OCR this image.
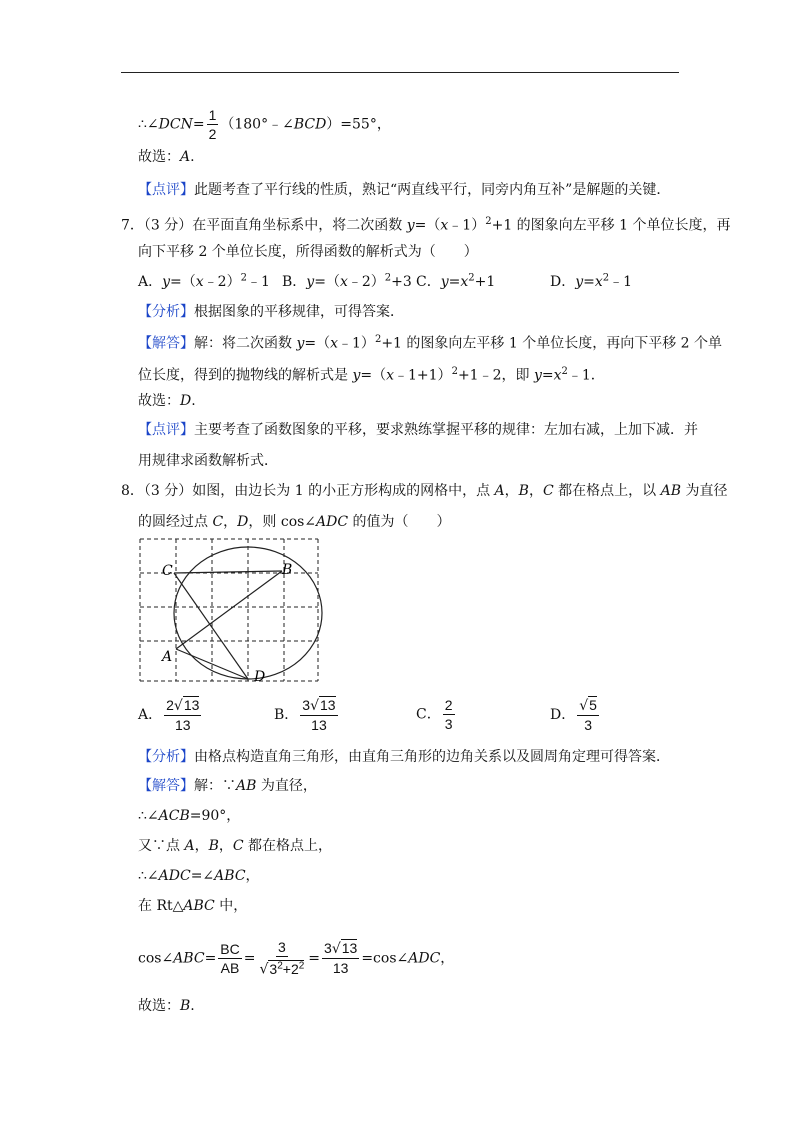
∴∠DCN= $\frac{1}{2}$ （180°﹣∠BCD）=55°，
故选：A.
【点评】此题考查了平行线的性质，熟记“两直线平行，同旁内角互补”是解题的关键．
7．（3 分）在平面直角坐标系中，将二次函数 y=（x﹣1）$^2$+1 的图象向左平移 1 个单位长度，再
向下平移 2 个单位长度，所得函数的解析式为（　　）
A．y=（x﹣2）$^2$﹣1 B．y=（x﹣2）$^2$+3 C．$y=x^2+1$	D．$y=x^2﹣1$
【分析】根据图象的平移规律，可得答案．
【解答】解：将二次函数 y=（x﹣1）$^2$+1 的图象向左平移 1 个单位长度，再向下平移 2 个单
位长度，得到的抛物线的解析式是 y=（x﹣1+1）$^2$+1﹣2，即 $y=x^2﹣1$．
故选：D.
【点评】主要考查了函数图象的平移，要求熟练掌握平移的规律：左加右减，上加下减．并
用规律求函数解析式．
8．（3 分）如图，由边长为 1 的小正方形构成的网格中，点 A，B，C 都在格点上，以 AB 为直径
的圆经过点 C，D，则 cos∠ADC 的值为（　　）
C	B
A
D
A． $\frac{2√13}{13}$	B． $\frac{3√13}{13}$	C． $\frac{2}{3}$	D． $\frac{√5}{3}$
【分析】由格点构造直角三角形，由直角三角形的边角关系以及圆周角定理可得答案．
【解答】解：∵AB 为直径，
∴∠ACB=90°，
又∵点 A，B，C 都在格点上，
∴∠ADC=∠ABC，
在 Rt△ABC 中，
cos∠ABC= $\frac{BC}{AB} = \frac{3}{√3^2+2^2} = \frac{3√13}{13}$ =cos∠ADC，
故选：B.
